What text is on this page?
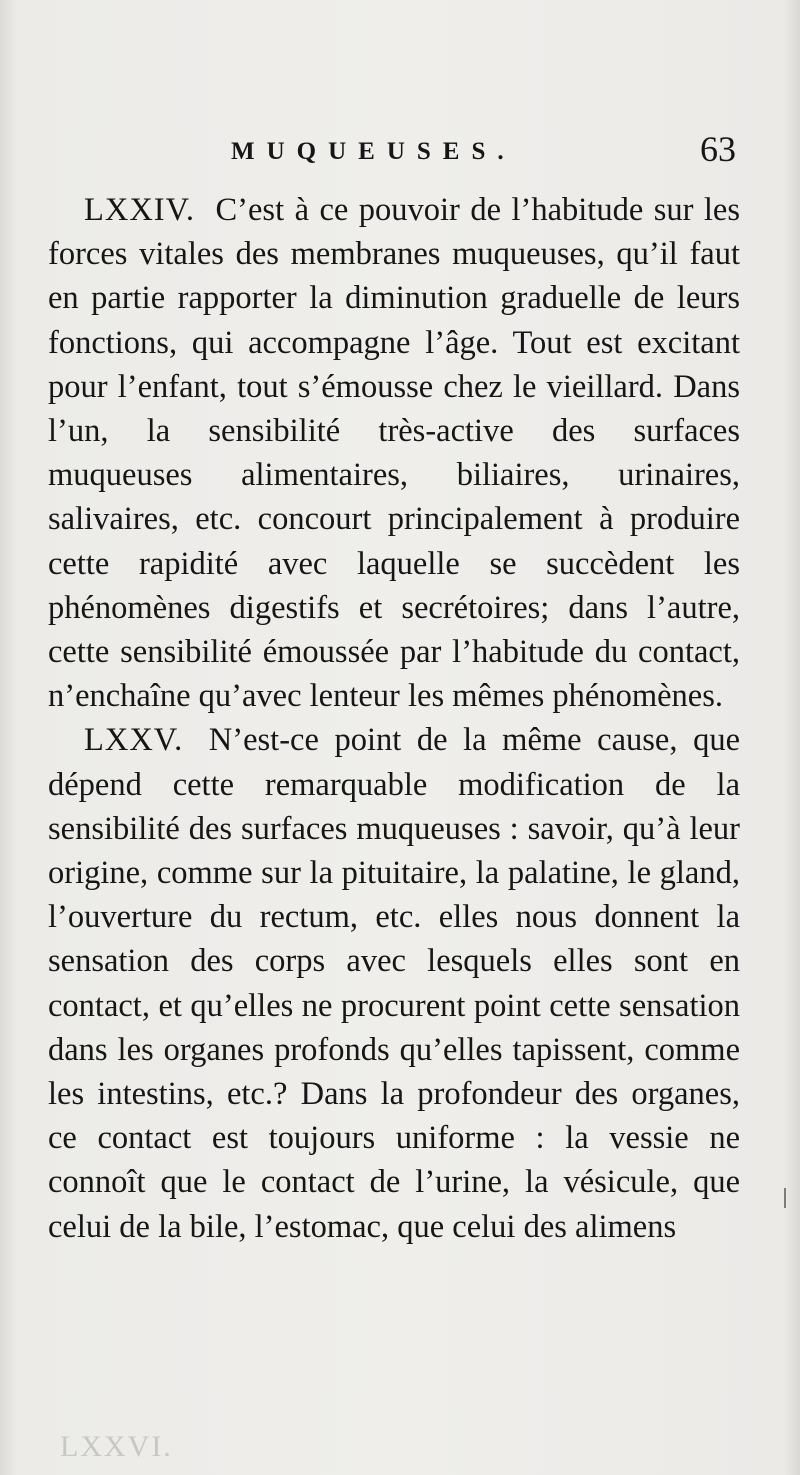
MUQUEUSES.	63

LXXIV. C’est à ce pouvoir de l’habitude sur les forces vitales des membranes muqueuses, qu’il faut en partie rapporter la diminution graduelle de leurs fonctions, qui accompagne l’âge. Tout est excitant pour l’enfant, tout s’émousse chez le vieillard. Dans l’un, la sensibilité très-active des surfaces muqueuses alimentaires, biliaires, urinaires, salivaires, etc. concourt principalement à produire cette rapidité avec laquelle se succèdent les phénomènes digestifs et secrétoires; dans l’autre, cette sensibilité émoussée par l’habitude du contact, n’enchaîne qu’avec lenteur les mêmes phénomènes.

LXXV. N’est-ce point de la même cause, que dépend cette remarquable modification de la sensibilité des surfaces muqueuses : savoir, qu’à leur origine, comme sur la pituitaire, la palatine, le gland, l’ouverture du rectum, etc. elles nous donnent la sensation des corps avec lesquels elles sont en contact, et qu’elles ne procurent point cette sensation dans les organes profonds qu’elles tapissent, comme les intestins, etc.? Dans la profondeur des organes, ce contact est toujours uniforme : la vessie ne connoît que le contact de l’urine, la vésicule, que celui de la bile, l’estomac, que celui des alimens

LXXVI.
